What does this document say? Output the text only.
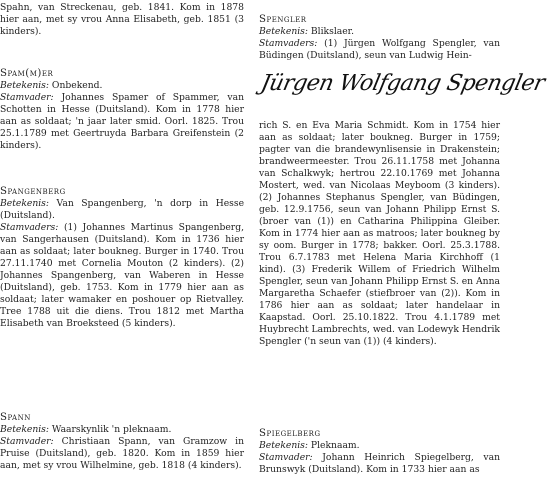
Spahn, van Streckenau, geb. 1841. Kom in 1878 hier aan, met sy vrou Anna Elisabeth, geb. 1851 (3 kinders).

Spam(m)er

Betekenis: Onbekend.

Stamvader: Johannes Spamer of Spammer, van Schotten in Hesse (Duitsland). Kom in 1778 hier aan as soldaat; 'n jaar later smid. Oorl. 1825. Trou 25.1.1789 met Geertruyda Barbara Greifenstein (2 kinders).

Spangenberg

Betekenis: Van Spangenberg, 'n dorp in Hesse (Duitsland).

Stamvaders: (1) Johannes Martinus Spangenberg, van Sangerhausen (Duitsland). Kom in 1736 hier aan as soldaat; later boukneg. Burger in 1740. Trou 27.11.1740 met Cornelia Mouton (2 kinders). (2) Johannes Spangenberg, van Waberen in Hesse (Duitsland), geb. 1753. Kom in 1779 hier aan as soldaat; later wamaker en poshouer op Rietvalley. Tree 1788 uit die diens. Trou 1812 met Martha Elisabeth van Broeksteed (5 kinders).

Spann

Betekenis: Waarskynlik 'n pleknaam.

Stamvader: Christiaan Spann, van Gramzow in Pruise (Duitsland), geb. 1820. Kom in 1859 hier aan, met sy vrou Wilhelmine, geb. 1818 (4 kinders).

Spengler

Betekenis: Blikslaer.

Stamvaders: (1) Jürgen Wolfgang Spengler, van Büdingen (Duitsland), seun van Ludwig Hein-

Jürgen Wolfgang Spengler

rich S. en Eva Maria Schmidt. Kom in 1754 hier aan as soldaat; later boukneg. Burger in 1759; pagter van die brandewynlisensie in Drakenstein; brandweermeester. Trou 26.11.1758 met Johanna van Schalkwyk; hertrou 22.10.1769 met Johanna Mostert, wed. van Nicolaas Meyboom (3 kinders). (2) Johannes Stephanus Spengler, van Büdingen, geb. 12.9.1756, seun van Johann Philipp Ernst S. (broer van (1)) en Catharina Philippina Gleiber. Kom in 1774 hier aan as matroos; later boukneg by sy oom. Burger in 1778; bakker. Oorl. 25.3.1788. Trou 6.7.1783 met Helena Maria Kirchhoff (1 kind). (3) Frederik Willem of Friedrich Wilhelm Spengler, seun van Johann Philipp Ernst S. en Anna Margaretha Schaefer (stiefbroer van (2)). Kom in 1786 hier aan as soldaat; later handelaar in Kaapstad. Oorl. 25.10.1822. Trou 4.1.1789 met Huybrecht Lambrechts, wed. van Lodewyk Hendrik Spengler ('n seun van (1)) (4 kinders).

Spiegelberg

Betekenis: Pleknaam.

Stamvader: Johann Heinrich Spiegelberg, van Brunswyk (Duitsland). Kom in 1733 hier aan as
